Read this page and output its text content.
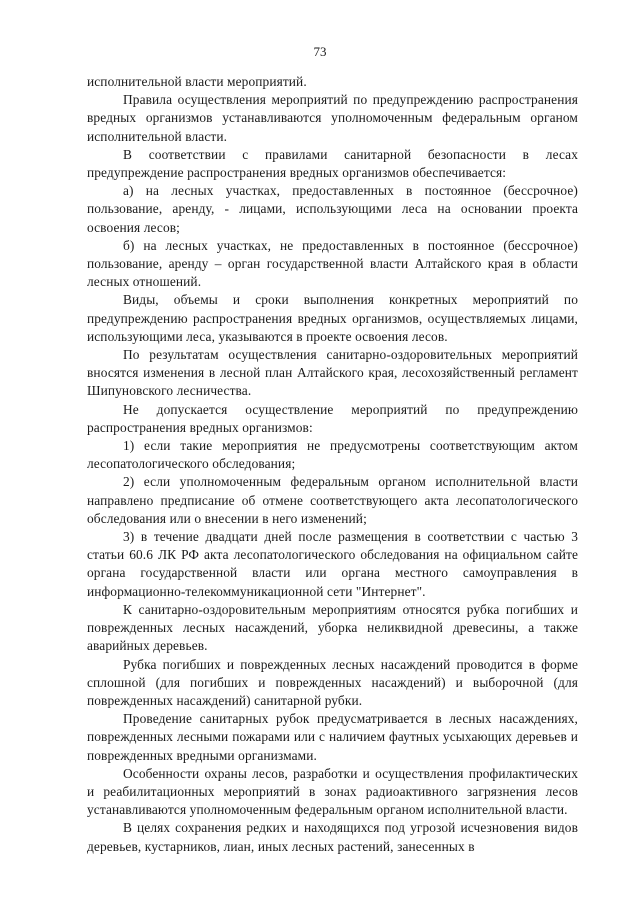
73

исполнительной власти мероприятий.

Правила осуществления мероприятий по предупреждению распространения вредных организмов устанавливаются уполномоченным федеральным органом исполнительной власти.

В соответствии с правилами санитарной безопасности в лесах предупреждение распространения вредных организмов обеспечивается:

а) на лесных участках, предоставленных в постоянное (бессрочное) пользование, аренду, - лицами, использующими леса на основании проекта освоения лесов;

б) на лесных участках, не предоставленных в постоянное (бессрочное) пользование, аренду – орган государственной власти Алтайского края в области лесных отношений.

Виды, объемы и сроки выполнения конкретных мероприятий по предупреждению распространения вредных организмов, осуществляемых лицами, использующими леса, указываются в проекте освоения лесов.

По результатам осуществления санитарно-оздоровительных мероприятий вносятся изменения в лесной план Алтайского края, лесохозяйственный регламент Шипуновского лесничества.

Не допускается осуществление мероприятий по предупреждению распространения вредных организмов:

1) если такие мероприятия не предусмотрены соответствующим актом лесопатологического обследования;

2) если уполномоченным федеральным органом исполнительной власти направлено предписание об отмене соответствующего акта лесопатологического обследования или о внесении в него изменений;

3) в течение двадцати дней после размещения в соответствии с частью 3 статьи 60.6 ЛК РФ акта лесопатологического обследования на официальном сайте органа государственной власти или органа местного самоуправления в информационно-телекоммуникационной сети "Интернет".

К санитарно-оздоровительным мероприятиям относятся рубка погибших и поврежденных лесных насаждений, уборка неликвидной древесины, а также аварийных деревьев.

Рубка погибших и поврежденных лесных насаждений проводится в форме сплошной (для погибших и поврежденных насаждений) и выборочной (для поврежденных насаждений) санитарной рубки.

Проведение санитарных рубок предусматривается в лесных насаждениях, поврежденных лесными пожарами или с наличием фаутных усыхающих деревьев и поврежденных вредными организмами.

Особенности охраны лесов, разработки и осуществления профилактических и реабилитационных мероприятий в зонах радиоактивного загрязнения лесов устанавливаются уполномоченным федеральным органом исполнительной власти.

В целях сохранения редких и находящихся под угрозой исчезновения видов деревьев, кустарников, лиан, иных лесных растений, занесенных в
